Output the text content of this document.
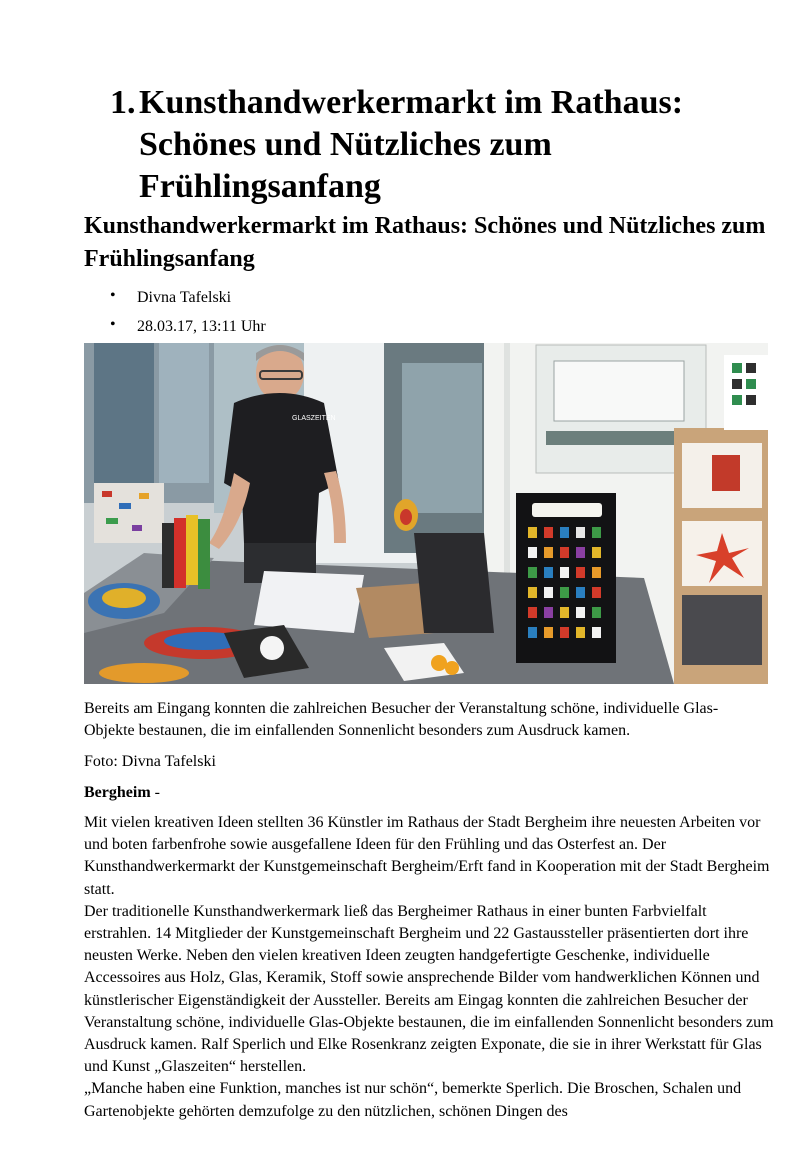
1. Kunsthandwerkermarkt im Rathaus: Schönes und Nützliches zum Frühlingsanfang
Kunsthandwerkermarkt im Rathaus: Schönes und Nützliches zum Frühlingsanfang
• Divna Tafelski
• 28.03.17, 13:11 Uhr
GLASZEITEN
Bereits am Eingang konnten die zahlreichen Besucher der Veranstaltung schöne, individuelle Glas-Objekte bestaunen, die im einfallenden Sonnenlicht besonders zum Ausdruck kamen.
Foto: Divna Tafelski
Bergheim -

Mit vielen kreativen Ideen stellten 36 Künstler im Rathaus der Stadt Bergheim ihre neuesten Arbeiten vor und boten farbenfrohe sowie ausgefallene Ideen für den Frühling und das Osterfest an. Der Kunsthandwerkermarkt der Kunstgemeinschaft Bergheim/Erft fand in Kooperation mit der Stadt Bergheim statt.

Der traditionelle Kunsthandwerkermark ließ das Bergheimer Rathaus in einer bunten Farbvielfalt erstrahlen. 14 Mitglieder der Kunstgemeinschaft Bergheim und 22 Gastaussteller präsentierten dort ihre neusten Werke. Neben den vielen kreativen Ideen zeugten handgefertigte Geschenke, individuelle Accessoires aus Holz, Glas, Keramik, Stoff sowie ansprechende Bilder vom handwerklichen Können und künstlerischer Eigenständigkeit der Aussteller. Bereits am Eingag konnten die zahlreichen Besucher der Veranstaltung schöne, individuelle Glas-Objekte bestaunen, die im einfallenden Sonnenlicht besonders zum Ausdruck kamen. Ralf Sperlich und Elke Rosenkranz zeigten Exponate, die sie in ihrer Werkstatt für Glas und Kunst „Glaszeiten“ herstellen.

„Manche haben eine Funktion, manches ist nur schön“, bemerkte Sperlich. Die Broschen, Schalen und Gartenobjekte gehörten demzufolge zu den nützlichen, schönen Dingen des
